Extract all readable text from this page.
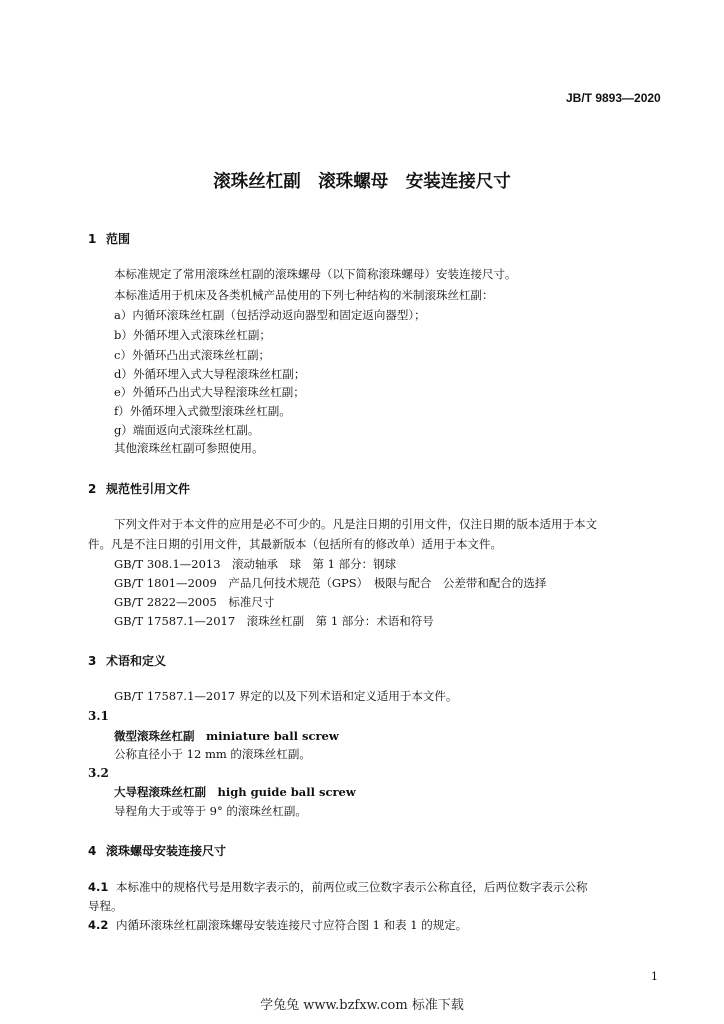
JB/T 9893—2020
滚珠丝杠副　滚珠螺母　安装连接尺寸
1 范围
本标准规定了常用滚珠丝杠副的滚珠螺母（以下简称滚珠螺母）安装连接尺寸。
本标准适用于机床及各类机械产品使用的下列七种结构的米制滚珠丝杠副：
a）内循环滚珠丝杠副（包括浮动返向器型和固定返向器型）；
b）外循环埋入式滚珠丝杠副；
c）外循环凸出式滚珠丝杠副；
d）外循环埋入式大导程滚珠丝杠副；
e）外循环凸出式大导程滚珠丝杠副；
f）外循环埋入式微型滚珠丝杠副。
g）端面返向式滚珠丝杠副。
其他滚珠丝杠副可参照使用。
2 规范性引用文件
下列文件对于本文件的应用是必不可少的。凡是注日期的引用文件，仅注日期的版本适用于本文
件。凡是不注日期的引用文件，其最新版本（包括所有的修改单）适用于本文件。
GB/T 308.1—2013　滚动轴承　球　第 1 部分：钢球
GB/T 1801—2009　产品几何技术规范（GPS）　极限与配合　公差带和配合的选择
GB/T 2822—2005　标准尺寸
GB/T 17587.1—2017　滚珠丝杠副　第 1 部分：术语和符号
3 术语和定义
GB/T 17587.1—2017 界定的以及下列术语和定义适用于本文件。
3.1
微型滚珠丝杠副　miniature ball screw
公称直径小于 12 mm 的滚珠丝杠副。
3.2
大导程滚珠丝杠副　high guide ball screw
导程角大于或等于 9° 的滚珠丝杠副。
4 滚珠螺母安装连接尺寸
4.1 本标准中的规格代号是用数字表示的，前两位或三位数字表示公称直径，后两位数字表示公称
导程。
4.2 内循环滚珠丝杠副滚珠螺母安装连接尺寸应符合图 1 和表 1 的规定。
1
学兔兔 www.bzfxw.com 标准下载
